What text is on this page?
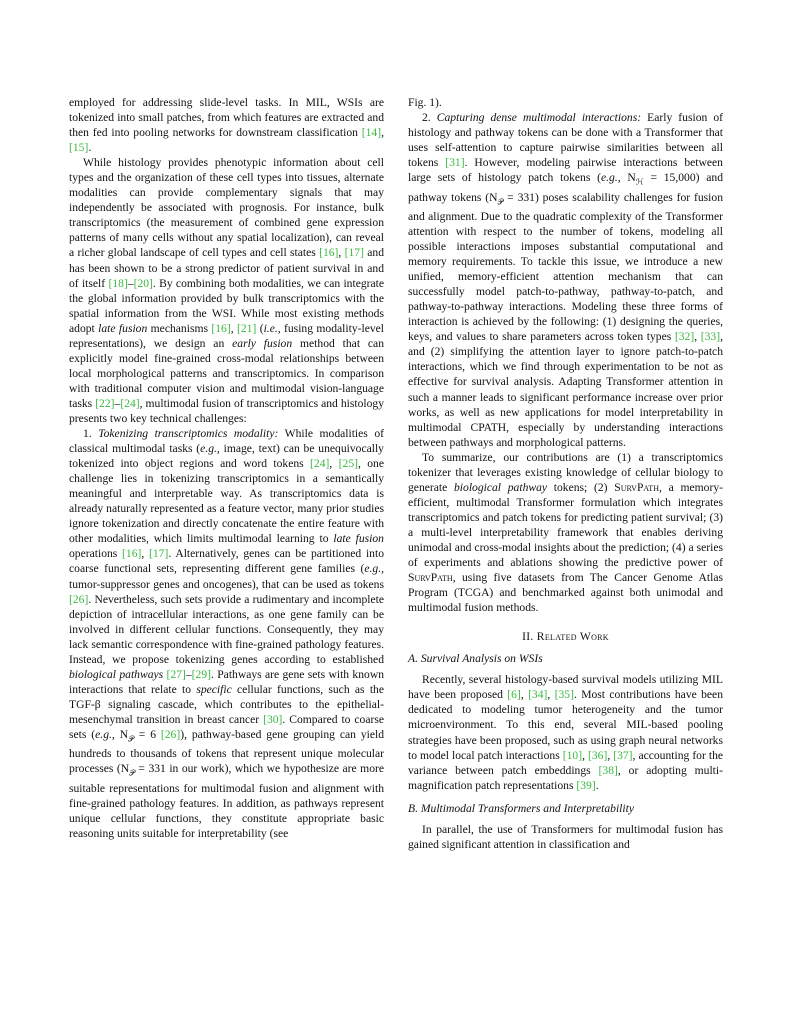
employed for addressing slide-level tasks. In MIL, WSIs are tokenized into small patches, from which features are extracted and then fed into pooling networks for downstream classification [14], [15].

While histology provides phenotypic information about cell types and the organization of these cell types into tissues, alternate modalities can provide complementary signals that may independently be associated with prognosis. For instance, bulk transcriptomics (the measurement of combined gene expression patterns of many cells without any spatial localization), can reveal a richer global landscape of cell types and cell states [16], [17] and has been shown to be a strong predictor of patient survival in and of itself [18]–[20]. By combining both modalities, we can integrate the global information provided by bulk transcriptomics with the spatial information from the WSI. While most existing methods adopt late fusion mechanisms [16], [21] (i.e., fusing modality-level representations), we design an early fusion method that can explicitly model fine-grained cross-modal relationships between local morphological patterns and transcriptomics. In comparison with traditional computer vision and multimodal vision-language tasks [22]–[24], multimodal fusion of transcriptomics and histology presents two key technical challenges:

1. Tokenizing transcriptomics modality: While modalities of classical multimodal tasks (e.g., image, text) can be unequivocally tokenized into object regions and word tokens [24], [25], one challenge lies in tokenizing transcriptomics in a semantically meaningful and interpretable way. As transcriptomics data is already naturally represented as a feature vector, many prior studies ignore tokenization and directly concatenate the entire feature with other modalities, which limits multimodal learning to late fusion operations [16], [17]. Alternatively, genes can be partitioned into coarse functional sets, representing different gene families (e.g., tumor-suppressor genes and oncogenes), that can be used as tokens [26]. Nevertheless, such sets provide a rudimentary and incomplete depiction of intracellular interactions, as one gene family can be involved in different cellular functions. Consequently, they may lack semantic correspondence with fine-grained pathology features. Instead, we propose tokenizing genes according to established biological pathways [27]–[29]. Pathways are gene sets with known interactions that relate to specific cellular functions, such as the TGF-β signaling cascade, which contributes to the epithelial-mesenchymal transition in breast cancer [30]. Compared to coarse sets (e.g., $N_𝒫 = 6$ [26]), pathway-based gene grouping can yield hundreds to thousands of tokens that represent unique molecular processes ($N_𝒫 = 331$ in our work), which we hypothesize are more suitable representations for multimodal fusion and alignment with fine-grained pathology features. In addition, as pathways represent unique cellular functions, they constitute appropriate basic reasoning units suitable for interpretability (see

Fig. 1).

2. Capturing dense multimodal interactions: Early fusion of histology and pathway tokens can be done with a Transformer that uses self-attention to capture pairwise similarities between all tokens [31]. However, modeling pairwise interactions between large sets of histology patch tokens (e.g., $N_ℋ = 15,000$) and pathway tokens $(N_𝒫 = 331)$ poses scalability challenges for fusion and alignment. Due to the quadratic complexity of the Transformer attention with respect to the number of tokens, modeling all possible interactions imposes substantial computational and memory requirements. To tackle this issue, we introduce a new unified, memory-efficient attention mechanism that can successfully model patch-to-pathway, pathway-to-patch, and pathway-to-pathway interactions. Modeling these three forms of interaction is achieved by the following: (1) designing the queries, keys, and values to share parameters across token types [32], [33], and (2) simplifying the attention layer to ignore patch-to-patch interactions, which we find through experimentation to be not as effective for survival analysis. Adapting Transformer attention in such a manner leads to significant performance increase over prior works, as well as new applications for model interpretability in multimodal CPATH, especially by understanding interactions between pathways and morphological patterns.

To summarize, our contributions are (1) a transcriptomics tokenizer that leverages existing knowledge of cellular biology to generate biological pathway tokens; (2) SurvPath, a memory-efficient, multimodal Transformer formulation which integrates transcriptomics and patch tokens for predicting patient survival; (3) a multi-level interpretability framework that enables deriving unimodal and cross-modal insights about the prediction; (4) a series of experiments and ablations showing the predictive power of SurvPath, using five datasets from The Cancer Genome Atlas Program (TCGA) and benchmarked against both unimodal and multimodal fusion methods.

II. Related Work
A. Survival Analysis on WSIs

Recently, several histology-based survival models utilizing MIL have been proposed [6], [34], [35]. Most contributions have been dedicated to modeling tumor heterogeneity and the tumor microenvironment. To this end, several MIL-based pooling strategies have been proposed, such as using graph neural networks to model local patch interactions [10], [36], [37], accounting for the variance between patch embeddings [38], or adopting multi-magnification patch representations [39].

B. Multimodal Transformers and Interpretability

In parallel, the use of Transformers for multimodal fusion has gained significant attention in classification and
